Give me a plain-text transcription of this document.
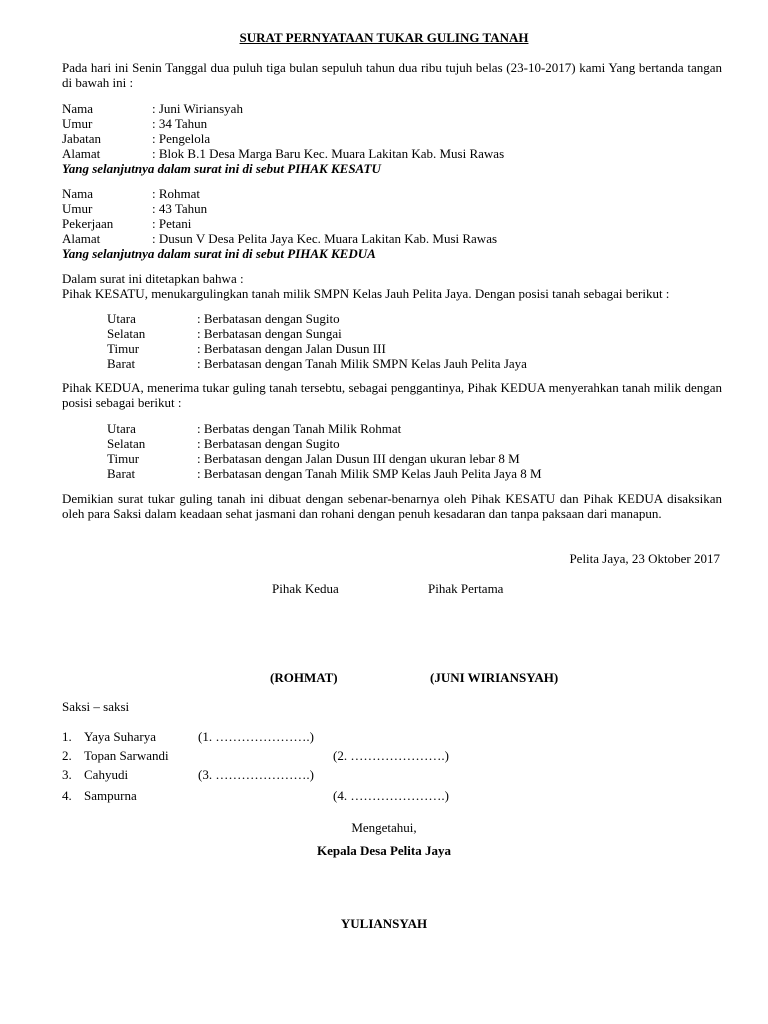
SURAT PERNYATAAN TUKAR GULING TANAH
Pada hari ini Senin Tanggal dua puluh tiga bulan sepuluh tahun dua ribu tujuh belas (23-10-2017) kami Yang bertanda tangan di bawah ini :
Nama	: Juni Wiriansyah
Umur	: 34 Tahun
Jabatan	: Pengelola
Alamat	: Blok B.1 Desa Marga Baru Kec. Muara Lakitan Kab. Musi Rawas
Yang selanjutnya dalam surat ini di sebut PIHAK KESATU
Nama	: Rohmat
Umur	: 43 Tahun
Pekerjaan	: Petani
Alamat	: Dusun V Desa Pelita Jaya Kec. Muara Lakitan Kab. Musi Rawas
Yang selanjutnya dalam surat ini di sebut PIHAK KEDUA
Dalam surat ini ditetapkan bahwa :
Pihak KESATU, menukargulingkan tanah milik SMPN Kelas Jauh Pelita Jaya. Dengan posisi tanah sebagai berikut :
Utara	: Berbatasan dengan Sugito
Selatan	: Berbatasan dengan Sungai
Timur	: Berbatasan dengan Jalan Dusun III
Barat	: Berbatasan dengan Tanah Milik SMPN Kelas Jauh Pelita Jaya
Pihak KEDUA, menerima tukar guling tanah tersebtu, sebagai penggantinya, Pihak KEDUA menyerahkan tanah milik dengan posisi sebagai berikut :
Utara	: Berbatas dengan Tanah Milik Rohmat
Selatan	: Berbatasan dengan Sugito
Timur	: Berbatasan dengan Jalan Dusun III dengan ukuran lebar 8 M
Barat	: Berbatasan dengan Tanah Milik SMP Kelas Jauh Pelita Jaya 8 M
Demikian surat tukar guling tanah ini dibuat dengan sebenar-benarnya oleh Pihak KESATU dan Pihak KEDUA disaksikan oleh para Saksi dalam keadaan sehat jasmani dan rohani dengan penuh kesadaran dan tanpa paksaan dari manapun.
Pelita Jaya, 23 Oktober 2017
Pihak Kedua	Pihak Pertama
(ROHMAT)	(JUNI WIRIANSYAH)
Saksi – saksi
1. Yaya Suharya	(1. ………………….)
2. Topan Sarwandi	(2. ………………….)
3. Cahyudi	(3. ………………….)
4. Sampurna	(4. ………………….)
Mengetahui,
Kepala Desa Pelita Jaya
YULIANSYAH
